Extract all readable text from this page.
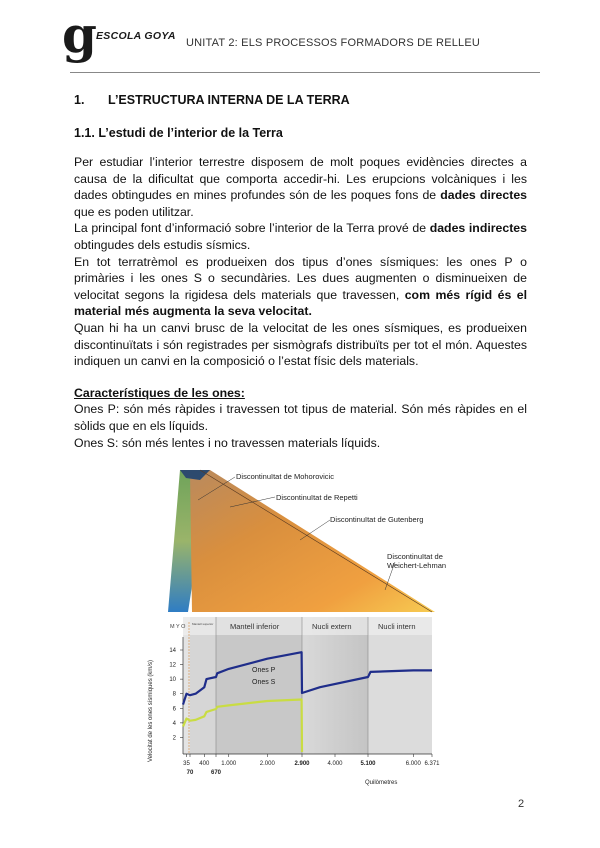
g ESCOLA GOYA
UNITAT 2: ELS PROCESSOS FORMADORS DE RELLEU
1. L’ESTRUCTURA INTERNA DE LA TERRA
1.1. L’estudi de l’interior de la Terra

Per estudiar l’interior terrestre disposem de molt poques evidències directes a causa de la dificultat que comporta accedir-hi. Les erupcions volcàniques i les dades obtingudes en mines profundes són de les poques fons de dades directes que es poden utilitzar.

La principal font d’informació sobre l’interior de la Terra prové de dades indirectes obtingudes dels estudis sísmics.

En tot terratrèmol es produeixen dos tipus d’ones sísmiques: les ones P o primàries i les ones S o secundàries. Les dues augmenten o disminueixen de velocitat segons la rigidesa dels materials que travessen, com més rígid és el material més augmenta la seva velocitat.

Quan hi ha un canvi brusc de la velocitat de les ones sísmiques, es produeixen discontinuïtats i són registrades per sismògrafs distribuïts per tot el món. Aquestes indiquen un canvi en la composició o l’estat físic dels materials.

Característiques de les ones:

Ones P: són més ràpides i travessen tot tipus de material. Són més ràpides en el sòlids que en els líquids.

Ones S: són més lentes i no travessen materials líquids.

Discontinuïtat de Mohorovicic
Discontinuïtat de Repetti
Discontinuïtat de Gutenberg
Discontinuïtat de
Weichert-Lehman
M Y O Mantell superior Mantell inferior	Nucli extern	Nucli intern
2
4
6
8
10
12
14
35
70
400
670
1.000	2.000	2.900	4.000	5.100	6.000 6.371
Ones P
Ones S
Velocitat de les ones sísmiques (km/s)
Quilòmetres
2
